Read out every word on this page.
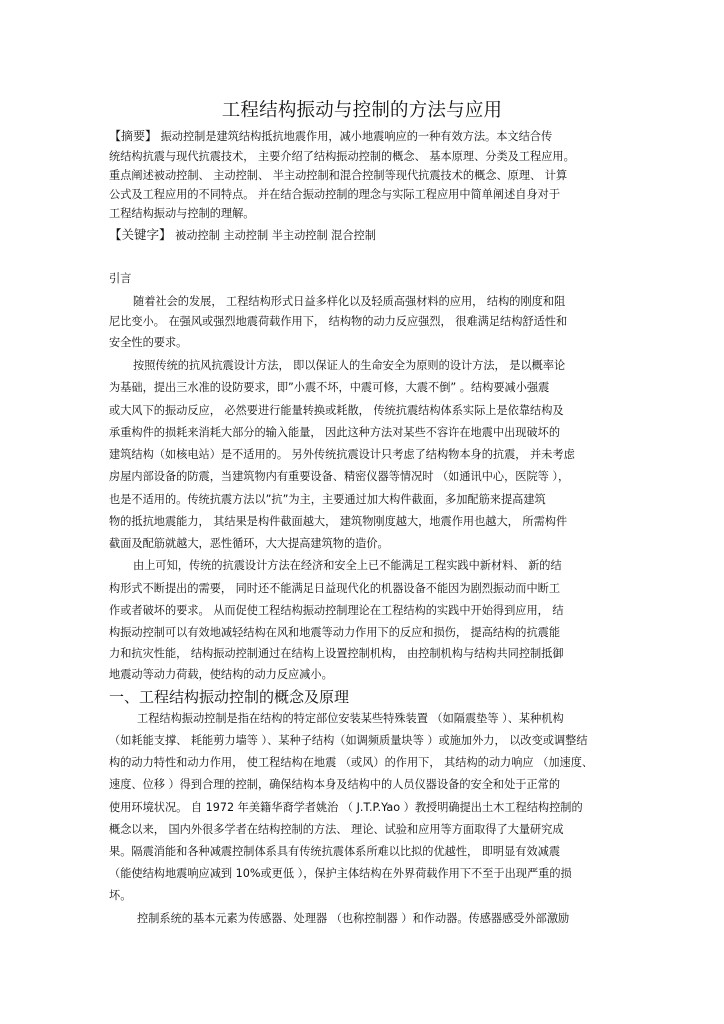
工程结构振动与控制的方法与应用

【摘要】 振动控制是建筑结构抵抗地震作用，减小地震响应的一种有效方法。本文结合传

统结构抗震与现代抗震技术， 主要介绍了结构振动控制的概念、 基本原理、分类及工程应用。

重点阐述被动控制、 主动控制、 半主动控制和混合控制等现代抗震技术的概念、原理、 计算

公式及工程应用的不同特点。 并在结合振动控制的理念与实际工程应用中简单阐述自身对于

工程结构振动与控制的理解。

【关键字】 被动控制 主动控制 半主动控制 混合控制

引言

随着社会的发展， 工程结构形式日益多样化以及轻质高强材料的应用， 结构的刚度和阻

尼比变小。 在强风或强烈地震荷载作用下， 结构物的动力反应强烈， 很难满足结构舒适性和

安全性的要求。

按照传统的抗风抗震设计方法， 即以保证人的生命安全为原则的设计方法， 是以概率论

为基础，提出三水准的设防要求，即”小震不坏，中震可修，大震不倒” 。结构要减小强震

或大风下的振动反应， 必然要进行能量转换或耗散， 传统抗震结构体系实际上是依靠结构及

承重构件的损耗来消耗大部分的输入能量， 因此这种方法对某些不容许在地震中出现破坏的

建筑结构（如核电站）是不适用的。 另外传统抗震设计只考虑了结构物本身的抗震， 并未考虑

房屋内部设备的防震，当建筑物内有重要设备、精密仪器等情况时 （如通讯中心，医院等 ），

也是不适用的。传统抗震方法以”抗”为主，主要通过加大构件截面，多加配筋来提高建筑

物的抵抗地震能力， 其结果是构件截面越大， 建筑物刚度越大，地震作用也越大， 所需构件

截面及配筋就越大，恶性循环，大大提高建筑物的造价。

由上可知，传统的抗震设计方法在经济和安全上已不能满足工程实践中新材料、 新的结

构形式不断提出的需要， 同时还不能满足日益现代化的机器设备不能因为剧烈振动而中断工

作或者破坏的要求。 从而促使工程结构振动控制理论在工程结构的实践中开始得到应用， 结

构振动控制可以有效地减轻结构在风和地震等动力作用下的反应和损伤， 提高结构的抗震能

力和抗灾性能， 结构振动控制通过在结构上设置控制机构， 由控制机构与结构共同控制抵御

地震动等动力荷载，使结构的动力反应减小。

一、工程结构振动控制的概念及原理

工程结构振动控制是指在结构的特定部位安装某些特殊装置 （如隔震垫等 ）、某种机构

（如耗能支撑、 耗能剪力墙等 ）、某种子结构（如调频质量块等 ）或施加外力， 以改变或调整结

构的动力特性和动力作用， 使工程结构在地震 （或风）的作用下， 其结构的动力响应 （加速度、

速度、位移 ）得到合理的控制，确保结构本身及结构中的人员仪器设备的安全和处于正常的

使用环境状况。 自 1972 年美籍华裔学者姚治 （ J.T.P.Yao ）教授明确提出土木工程结构控制的

概念以来， 国内外很多学者在结构控制的方法、 理论、试验和应用等方面取得了大量研究成

果。隔震消能和各种减震控制体系具有传统抗震体系所难以比拟的优越性， 即明显有效减震

（能使结构地震响应减到 10%或更低 ），保护主体结构在外界荷载作用下不至于出现严重的损

坏。

控制系统的基本元素为传感器、处理器 （也称控制器 ）和作动器。传感器感受外部激励
